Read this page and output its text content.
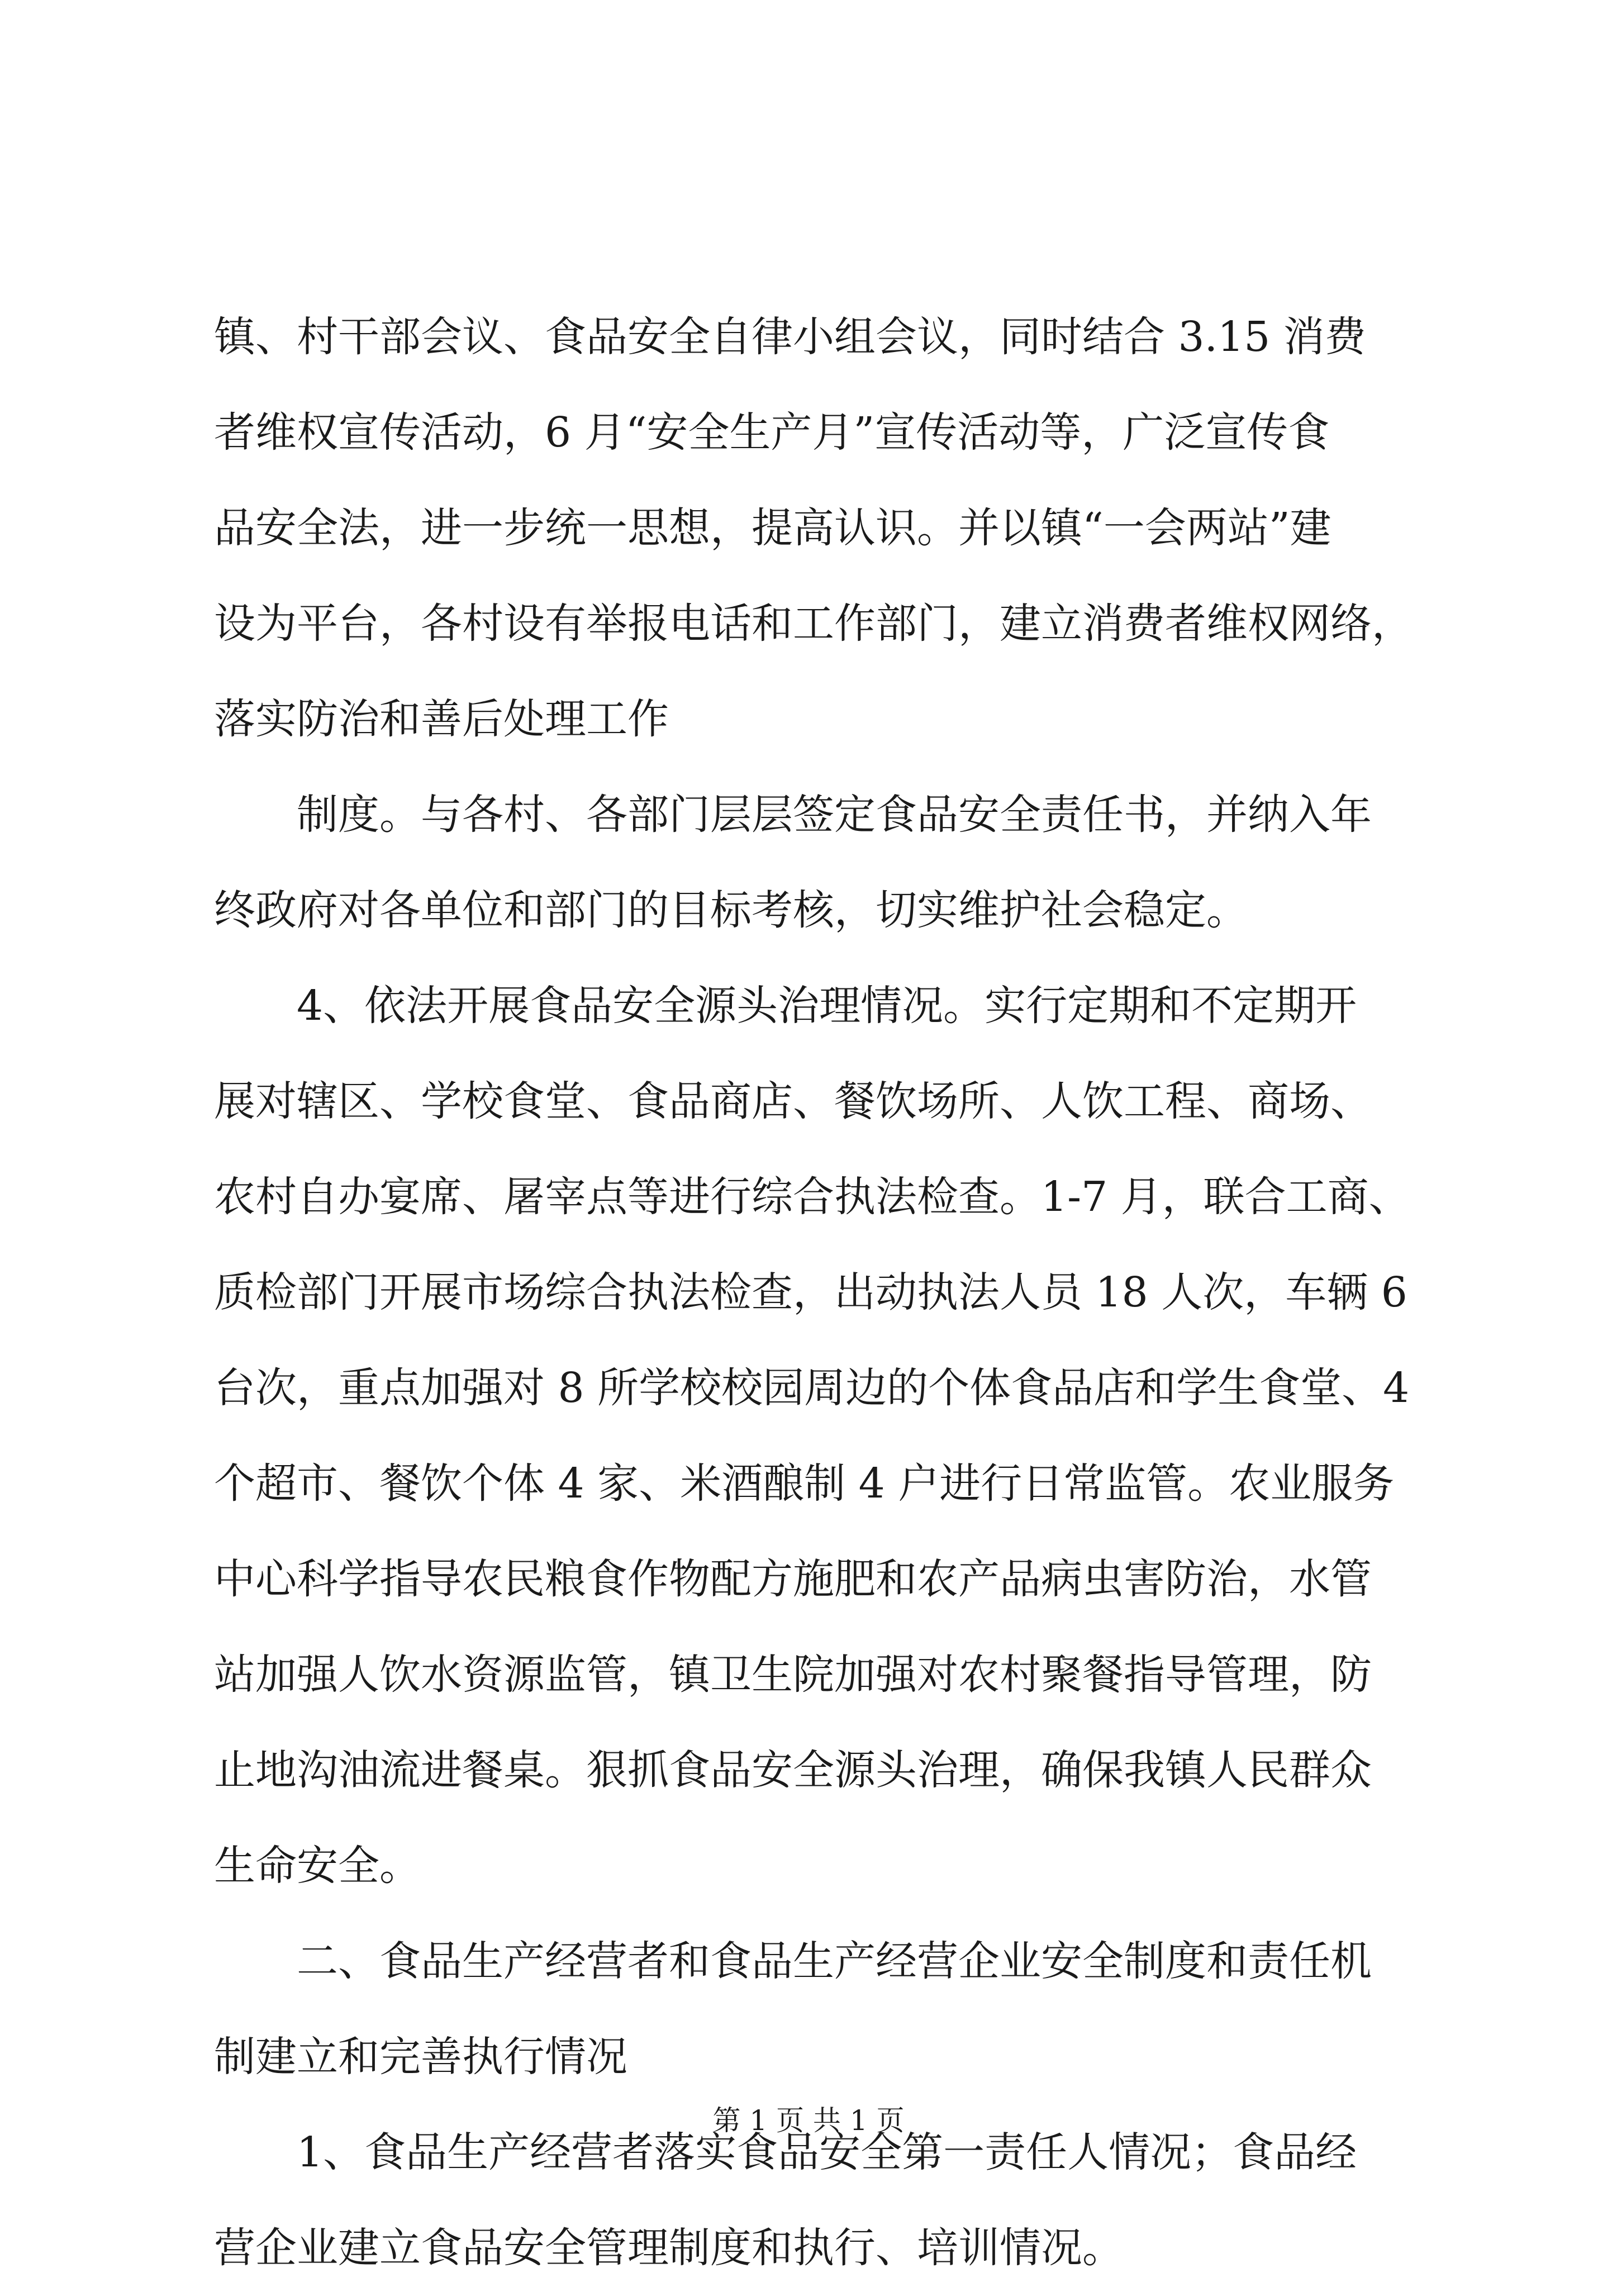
镇、村干部会议、食品安全自律小组会议，同时结合 3.15 消费
者维权宣传活动，6 月“安全生产月”宣传活动等，广泛宣传食
品安全法，进一步统一思想，提高认识。并以镇“一会两站”建
设为平台，各村设有举报电话和工作部门，建立消费者维权网络，
落实防治和善后处理工作
　　制度。与各村、各部门层层签定食品安全责任书，并纳入年
终政府对各单位和部门的目标考核，切实维护社会稳定。
　　4、依法开展食品安全源头治理情况。实行定期和不定期开
展对辖区、学校食堂、食品商店、餐饮场所、人饮工程、商场、
农村自办宴席、屠宰点等进行综合执法检查。1-7 月，联合工商、
质检部门开展市场综合执法检查，出动执法人员 18 人次，车辆 6
台次，重点加强对 8 所学校校园周边的个体食品店和学生食堂、4
个超市、餐饮个体 4 家、米酒酿制 4 户进行日常监管。农业服务
中心科学指导农民粮食作物配方施肥和农产品病虫害防治，水管
站加强人饮水资源监管，镇卫生院加强对农村聚餐指导管理，防
止地沟油流进餐桌。狠抓食品安全源头治理，确保我镇人民群众
生命安全。
　　二、食品生产经营者和食品生产经营企业安全制度和责任机
制建立和完善执行情况
　　1、食品生产经营者落实食品安全第一责任人情况；食品经
营企业建立食品安全管理制度和执行、培训情况。
第 1 页 共 1 页
